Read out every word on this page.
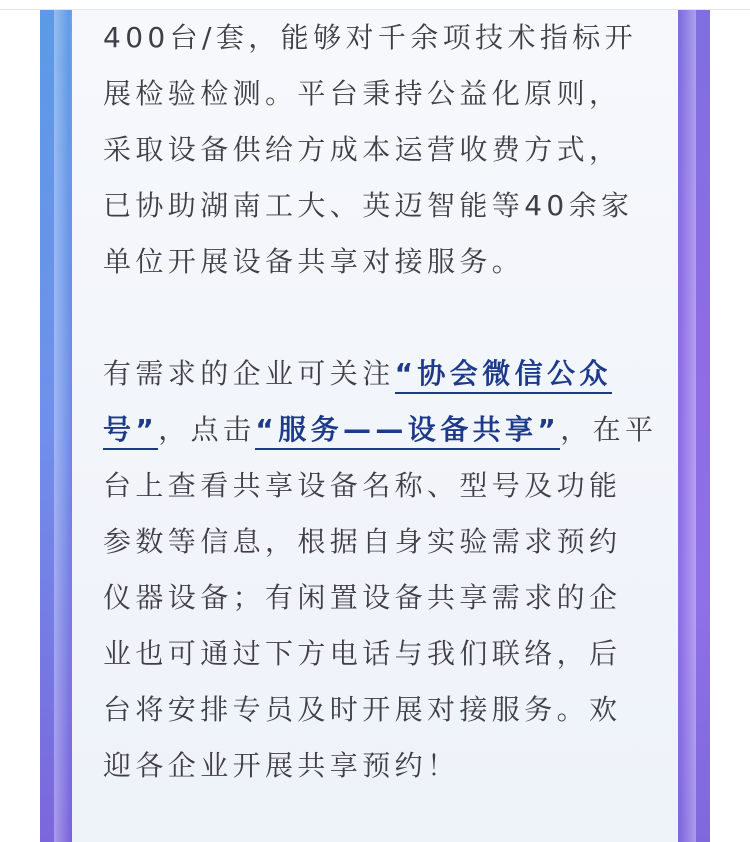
400台/套，能够对千余项技术指标开
展检验检测。平台秉持公益化原则，
采取设备供给方成本运营收费方式，
已协助湖南工大、英迈智能等40余家
单位开展设备共享对接服务。
有需求的企业可关注“协会微信公众
号”，点击“服务——设备共享”，在平
台上查看共享设备名称、型号及功能
参数等信息，根据自身实验需求预约
仪器设备；有闲置设备共享需求的企
业也可通过下方电话与我们联络，后
台将安排专员及时开展对接服务。欢
迎各企业开展共享预约！
